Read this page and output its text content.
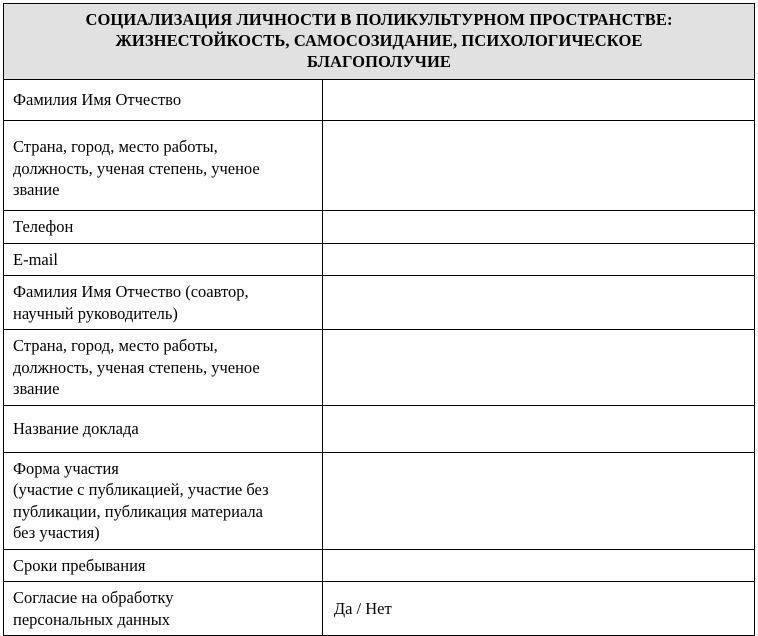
СОЦИАЛИЗАЦИЯ ЛИЧНОСТИ В ПОЛИКУЛЬТУРНОМ ПРОСТРАНСТВЕ:
ЖИЗНЕСТОЙКОСТЬ, САМОСОЗИДАНИЕ, ПСИХОЛОГИЧЕСКОЕ
БЛАГОПОЛУЧИЕ	

Фамилия Имя Отчество	

Страна, город, место работы,
должность, ученая степень, ученое
звание	

Телефон	

E-mail	

Фамилия Имя Отчество (соавтор,
научный руководитель)	

Страна, город, место работы,
должность, ученая степень, ученое
звание	

Название доклада	

Форма участия
(участие с публикацией, участие без
публикации, публикация материала
без участия)	

Сроки пребывания	

Согласие на обработку
персональных данных	Да / Нет
